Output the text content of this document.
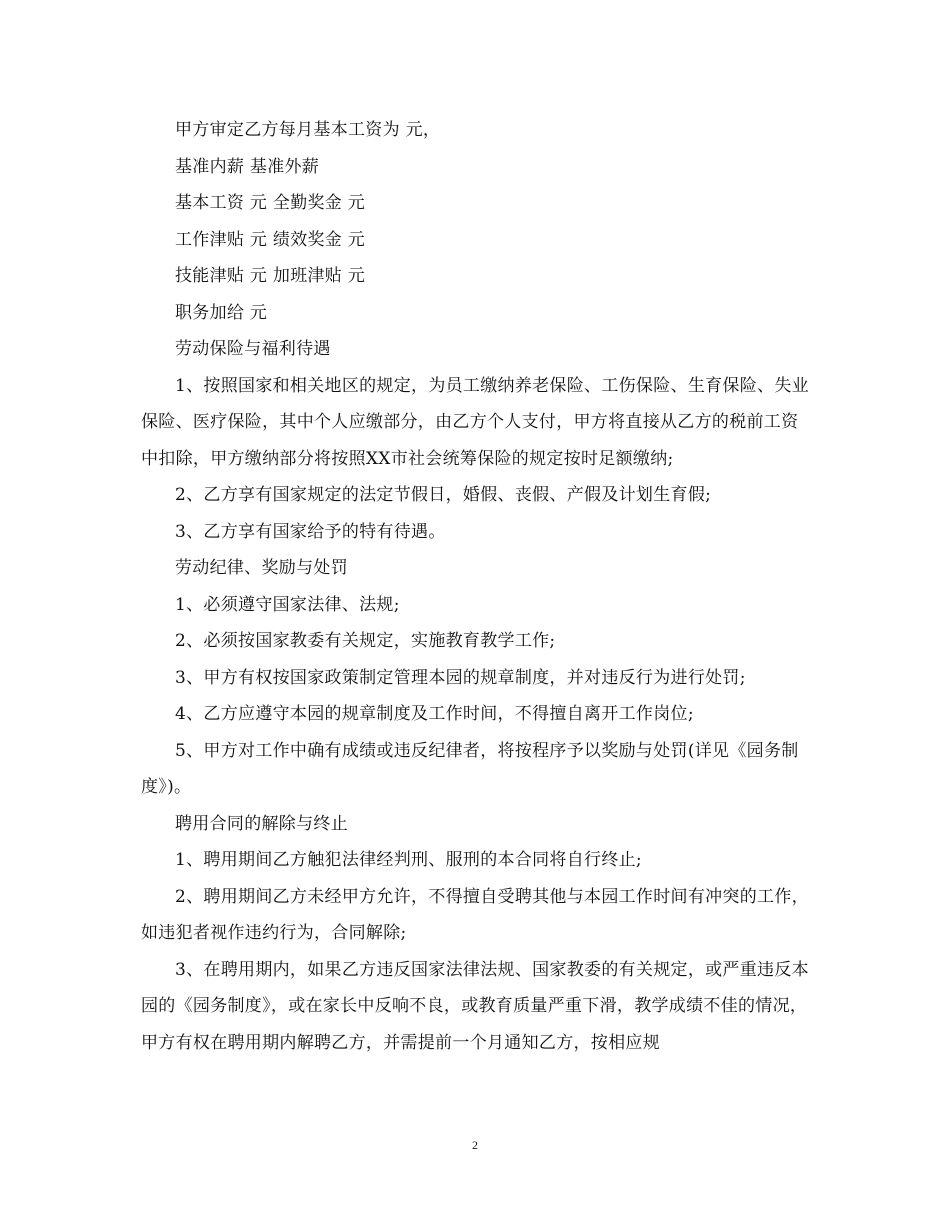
甲方审定乙方每月基本工资为 元，

基准内薪 基准外薪

基本工资 元 全勤奖金 元

工作津贴 元 绩效奖金 元

技能津贴 元 加班津贴 元

职务加给 元

劳动保险与福利待遇

1、按照国家和相关地区的规定，为员工缴纳养老保险、工伤保险、生育保险、失业保险、医疗保险，其中个人应缴部分，由乙方个人支付，甲方将直接从乙方的税前工资中扣除，甲方缴纳部分将按照XX市社会统筹保险的规定按时足额缴纳;

2、乙方享有国家规定的法定节假日，婚假、丧假、产假及计划生育假;

3、乙方享有国家给予的特有待遇。

劳动纪律、奖励与处罚

1、必须遵守国家法律、法规;

2、必须按国家教委有关规定，实施教育教学工作;

3、甲方有权按国家政策制定管理本园的规章制度，并对违反行为进行处罚;

4、乙方应遵守本园的规章制度及工作时间，不得擅自离开工作岗位;

5、甲方对工作中确有成绩或违反纪律者，将按程序予以奖励与处罚(详见《园务制度》)。

聘用合同的解除与终止

1、聘用期间乙方触犯法律经判刑、服刑的本合同将自行终止;

2、聘用期间乙方未经甲方允许，不得擅自受聘其他与本园工作时间有冲突的工作，如违犯者视作违约行为，合同解除;

3、在聘用期内，如果乙方违反国家法律法规、国家教委的有关规定，或严重违反本园的《园务制度》，或在家长中反响不良，或教育质量严重下滑，教学成绩不佳的情况，甲方有权在聘用期内解聘乙方，并需提前一个月通知乙方，按相应规

2
